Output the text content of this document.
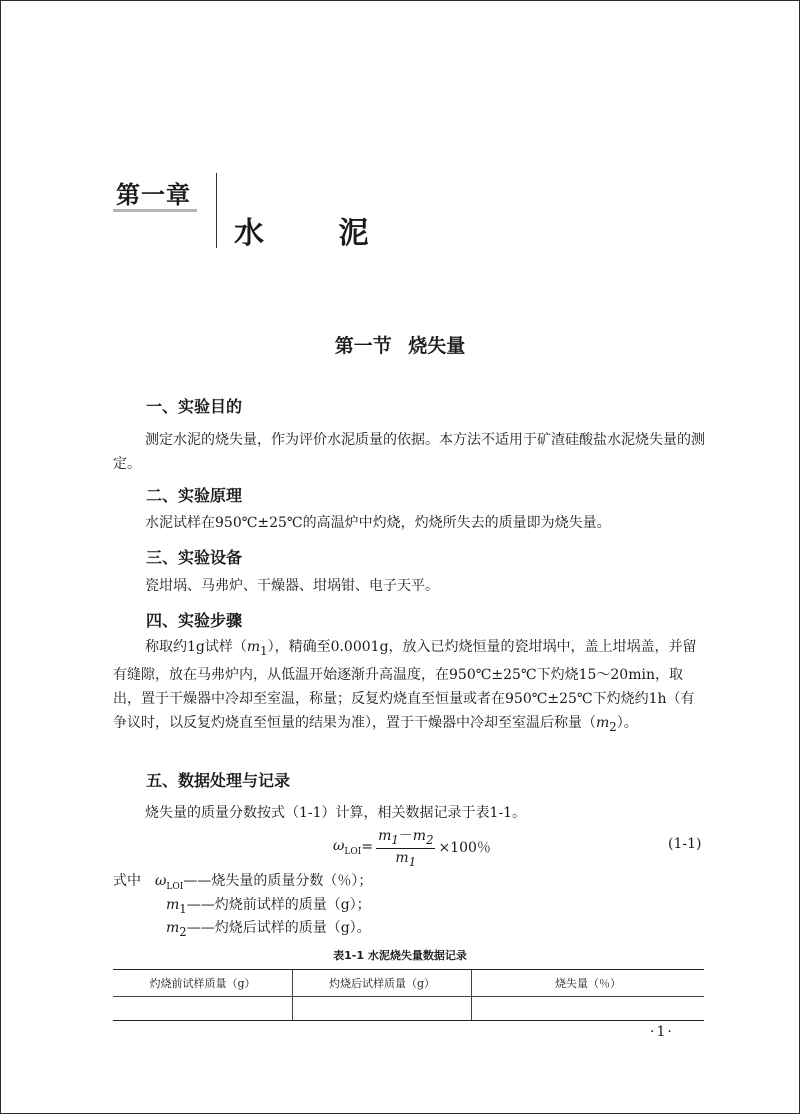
第一章
水 泥
第一节 烧失量
一、实验目的
测定水泥的烧失量，作为评价水泥质量的依据。本方法不适用于矿渣硅酸盐水泥烧失量的测定。
二、实验原理
水泥试样在950℃±25℃的高温炉中灼烧，灼烧所失去的质量即为烧失量。
三、实验设备
瓷坩埚、马弗炉、干燥器、坩埚钳、电子天平。
四、实验步骤
称取约1g试样$(m_1)$，精确至0.0001g，放入已灼烧恒量的瓷坩埚中，盖上坩埚盖，并留有缝隙，放在马弗炉内，从低温开始逐渐升高温度，在950℃±25℃下灼烧15～20min，取出，置于干燥器中冷却至室温，称量；反复灼烧直至恒量或者在950℃±25℃下灼烧约1h（有争议时，以反复灼烧直至恒量的结果为准），置于干燥器中冷却至室温后称量$(m_2)$。
五、数据处理与记录
烧失量的质量分数按式（1-1）计算，相关数据记录于表1-1。
$\omega_{LOI} = \frac{m_1-m_2}{m_1} \times 100$％	(1-1)
式中 $\omega_{LOI}——$烧失量的质量分数（％）；
$m_1——$灼烧前试样的质量（g）；
$m_2——$灼烧后试样的质量（g）。
表1-1 水泥烧失量数据记录
灼烧前试样质量（g）	灼烧后试样质量（g）	烧失量（％）

·1·
